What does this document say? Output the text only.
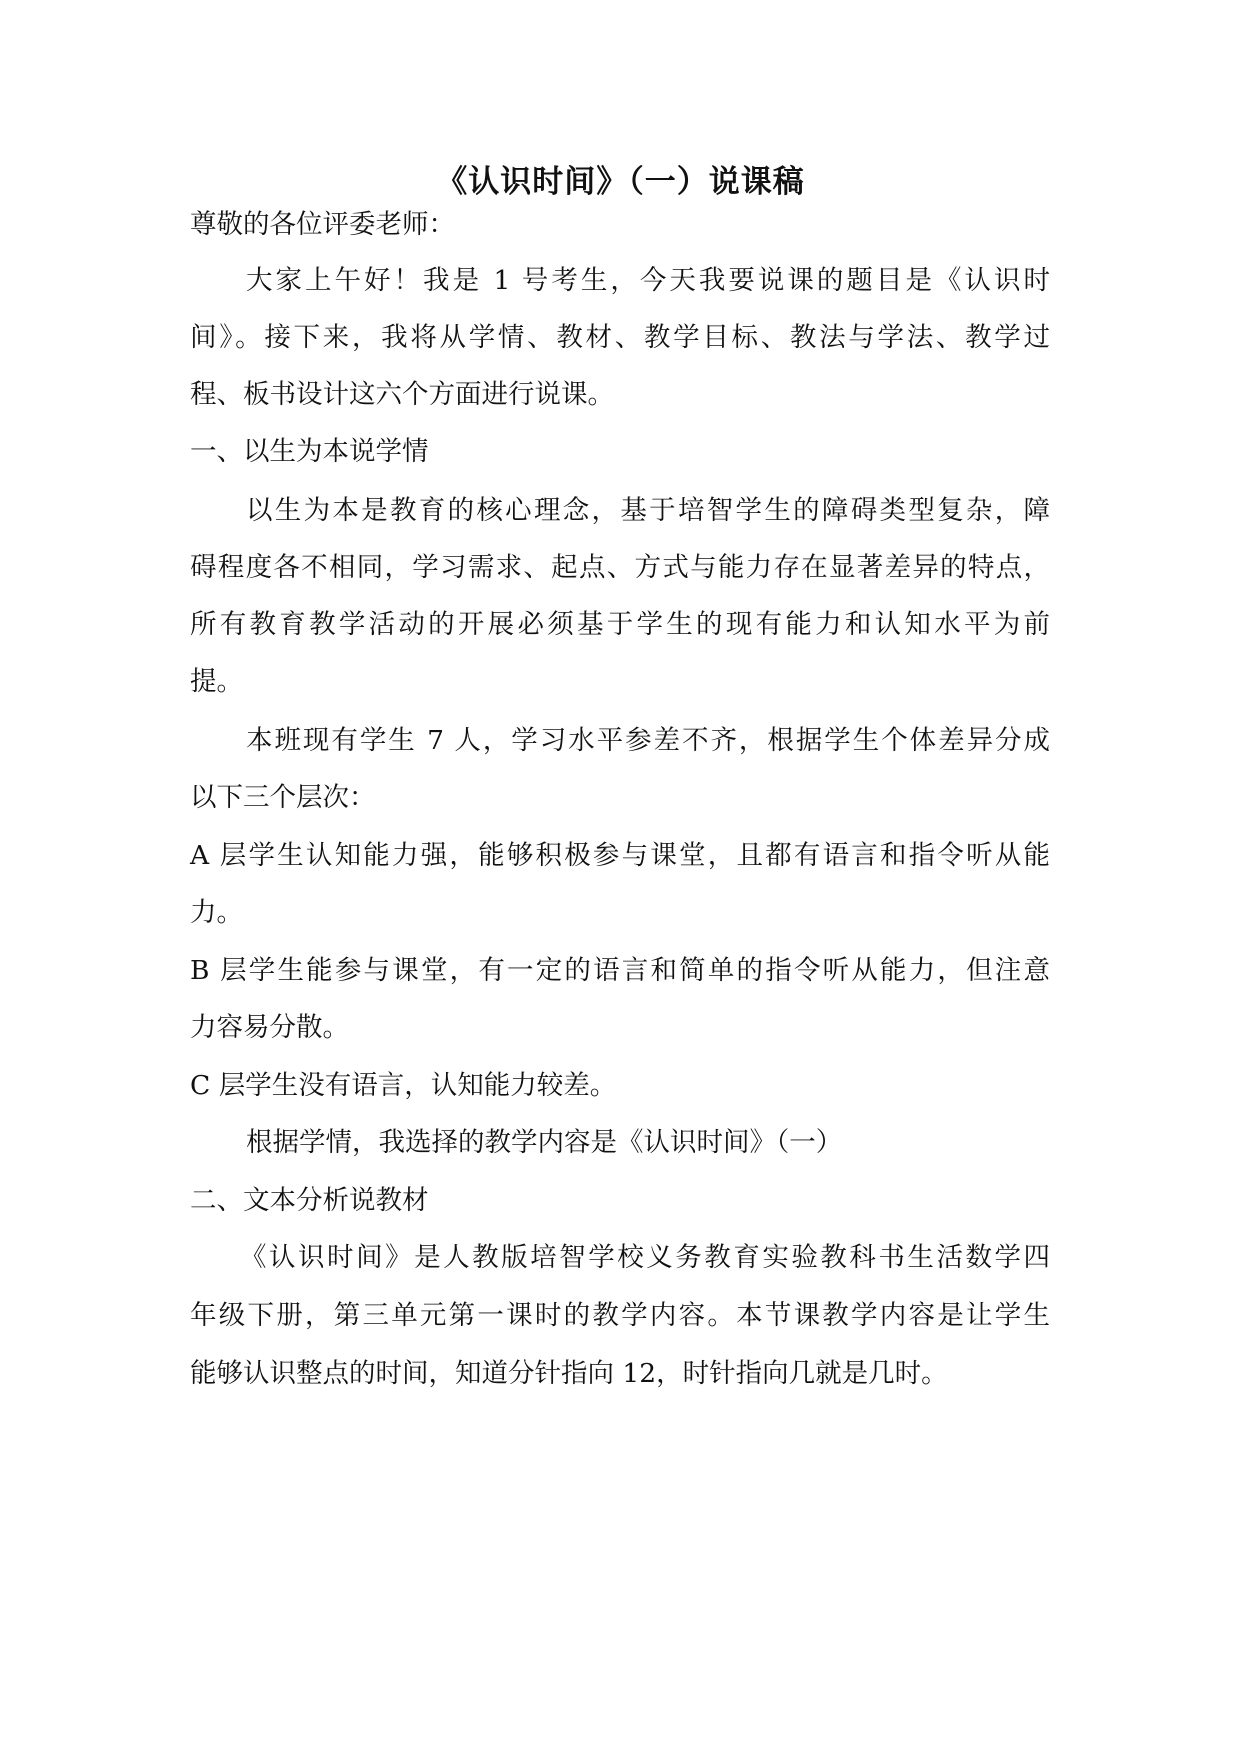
《认识时间》（一）说课稿
尊敬的各位评委老师：
大家上午好！我是 1 号考生，今天我要说课的题目是《认识时
间》。接下来，我将从学情、教材、教学目标、教法与学法、教学过
程、板书设计这六个方面进行说课。
一、以生为本说学情
以生为本是教育的核心理念，基于培智学生的障碍类型复杂，障
碍程度各不相同，学习需求、起点、方式与能力存在显著差异的特点，
所有教育教学活动的开展必须基于学生的现有能力和认知水平为前
提。
本班现有学生 7 人，学习水平参差不齐，根据学生个体差异分成
以下三个层次：
A 层学生认知能力强，能够积极参与课堂，且都有语言和指令听从能
力。
B 层学生能参与课堂，有一定的语言和简单的指令听从能力，但注意
力容易分散。
C 层学生没有语言，认知能力较差。
根据学情，我选择的教学内容是《认识时间》（一）
二、文本分析说教材
《认识时间》是人教版培智学校义务教育实验教科书生活数学四
年级下册，第三单元第一课时的教学内容。本节课教学内容是让学生
能够认识整点的时间，知道分针指向 12，时针指向几就是几时。
